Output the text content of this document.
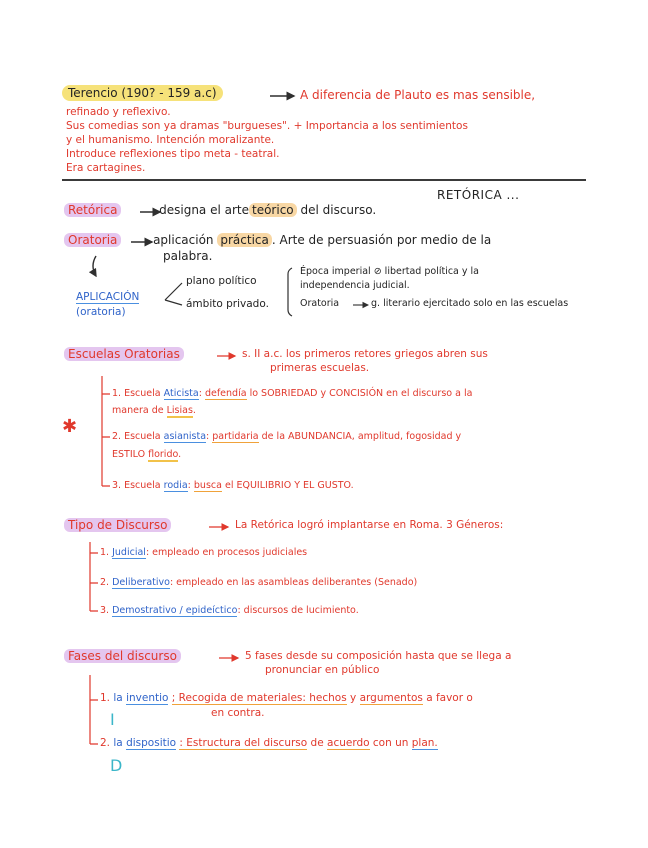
Terencio (190? - 159 a.c)	A diferencia de Plauto es mas sensible,
refinado y reflexivo.
Sus comedias son ya dramas "burgueses". + Importancia a los sentimientos
y el humanismo. Intención moralizante.
Introduce reflexiones tipo meta - teatral.
Era cartagines.
RETÓRICA ...
Retórica	designa el arte teórico del discurso.
Oratoria	aplicación práctica . Arte de persuasión por medio de la
palabra.
APLICACIÓN
(oratoria)
plano político
ámbito privado.
Época imperial ⊘ libertad política y la
independencia judicial.
Oratoria	g. literario ejercitado solo en las escuelas
Escuelas Oratorias	s. II a.c. los primeros retores griegos abren sus
primeras escuelas.
✱
1. Escuela Aticista: defendía lo SOBRIEDAD y CONCISIÓN en el discurso a la
manera de Lisias.
2. Escuela asianista: partidaria de la ABUNDANCIA, amplitud, fogosidad y
ESTILO florido.
3. Escuela rodia: busca el EQUILIBRIO Y EL GUSTO.
Tipo de Discurso	La Retórica logró implantarse en Roma. 3 Géneros:
1. Judicial: empleado en procesos judiciales
2. Deliberativo: empleado en las asambleas deliberantes (Senado)
3. Demostrativo / epideíctico: discursos de lucimiento.
Fases del discurso	5 fases desde su composición hasta que se llega a
pronunciar en público
1. la inventio ; Recogida de materiales: hechos y argumentos a favor o
en contra.
I
2. la dispositio : Estructura del discurso de acuerdo con un plan.
D
